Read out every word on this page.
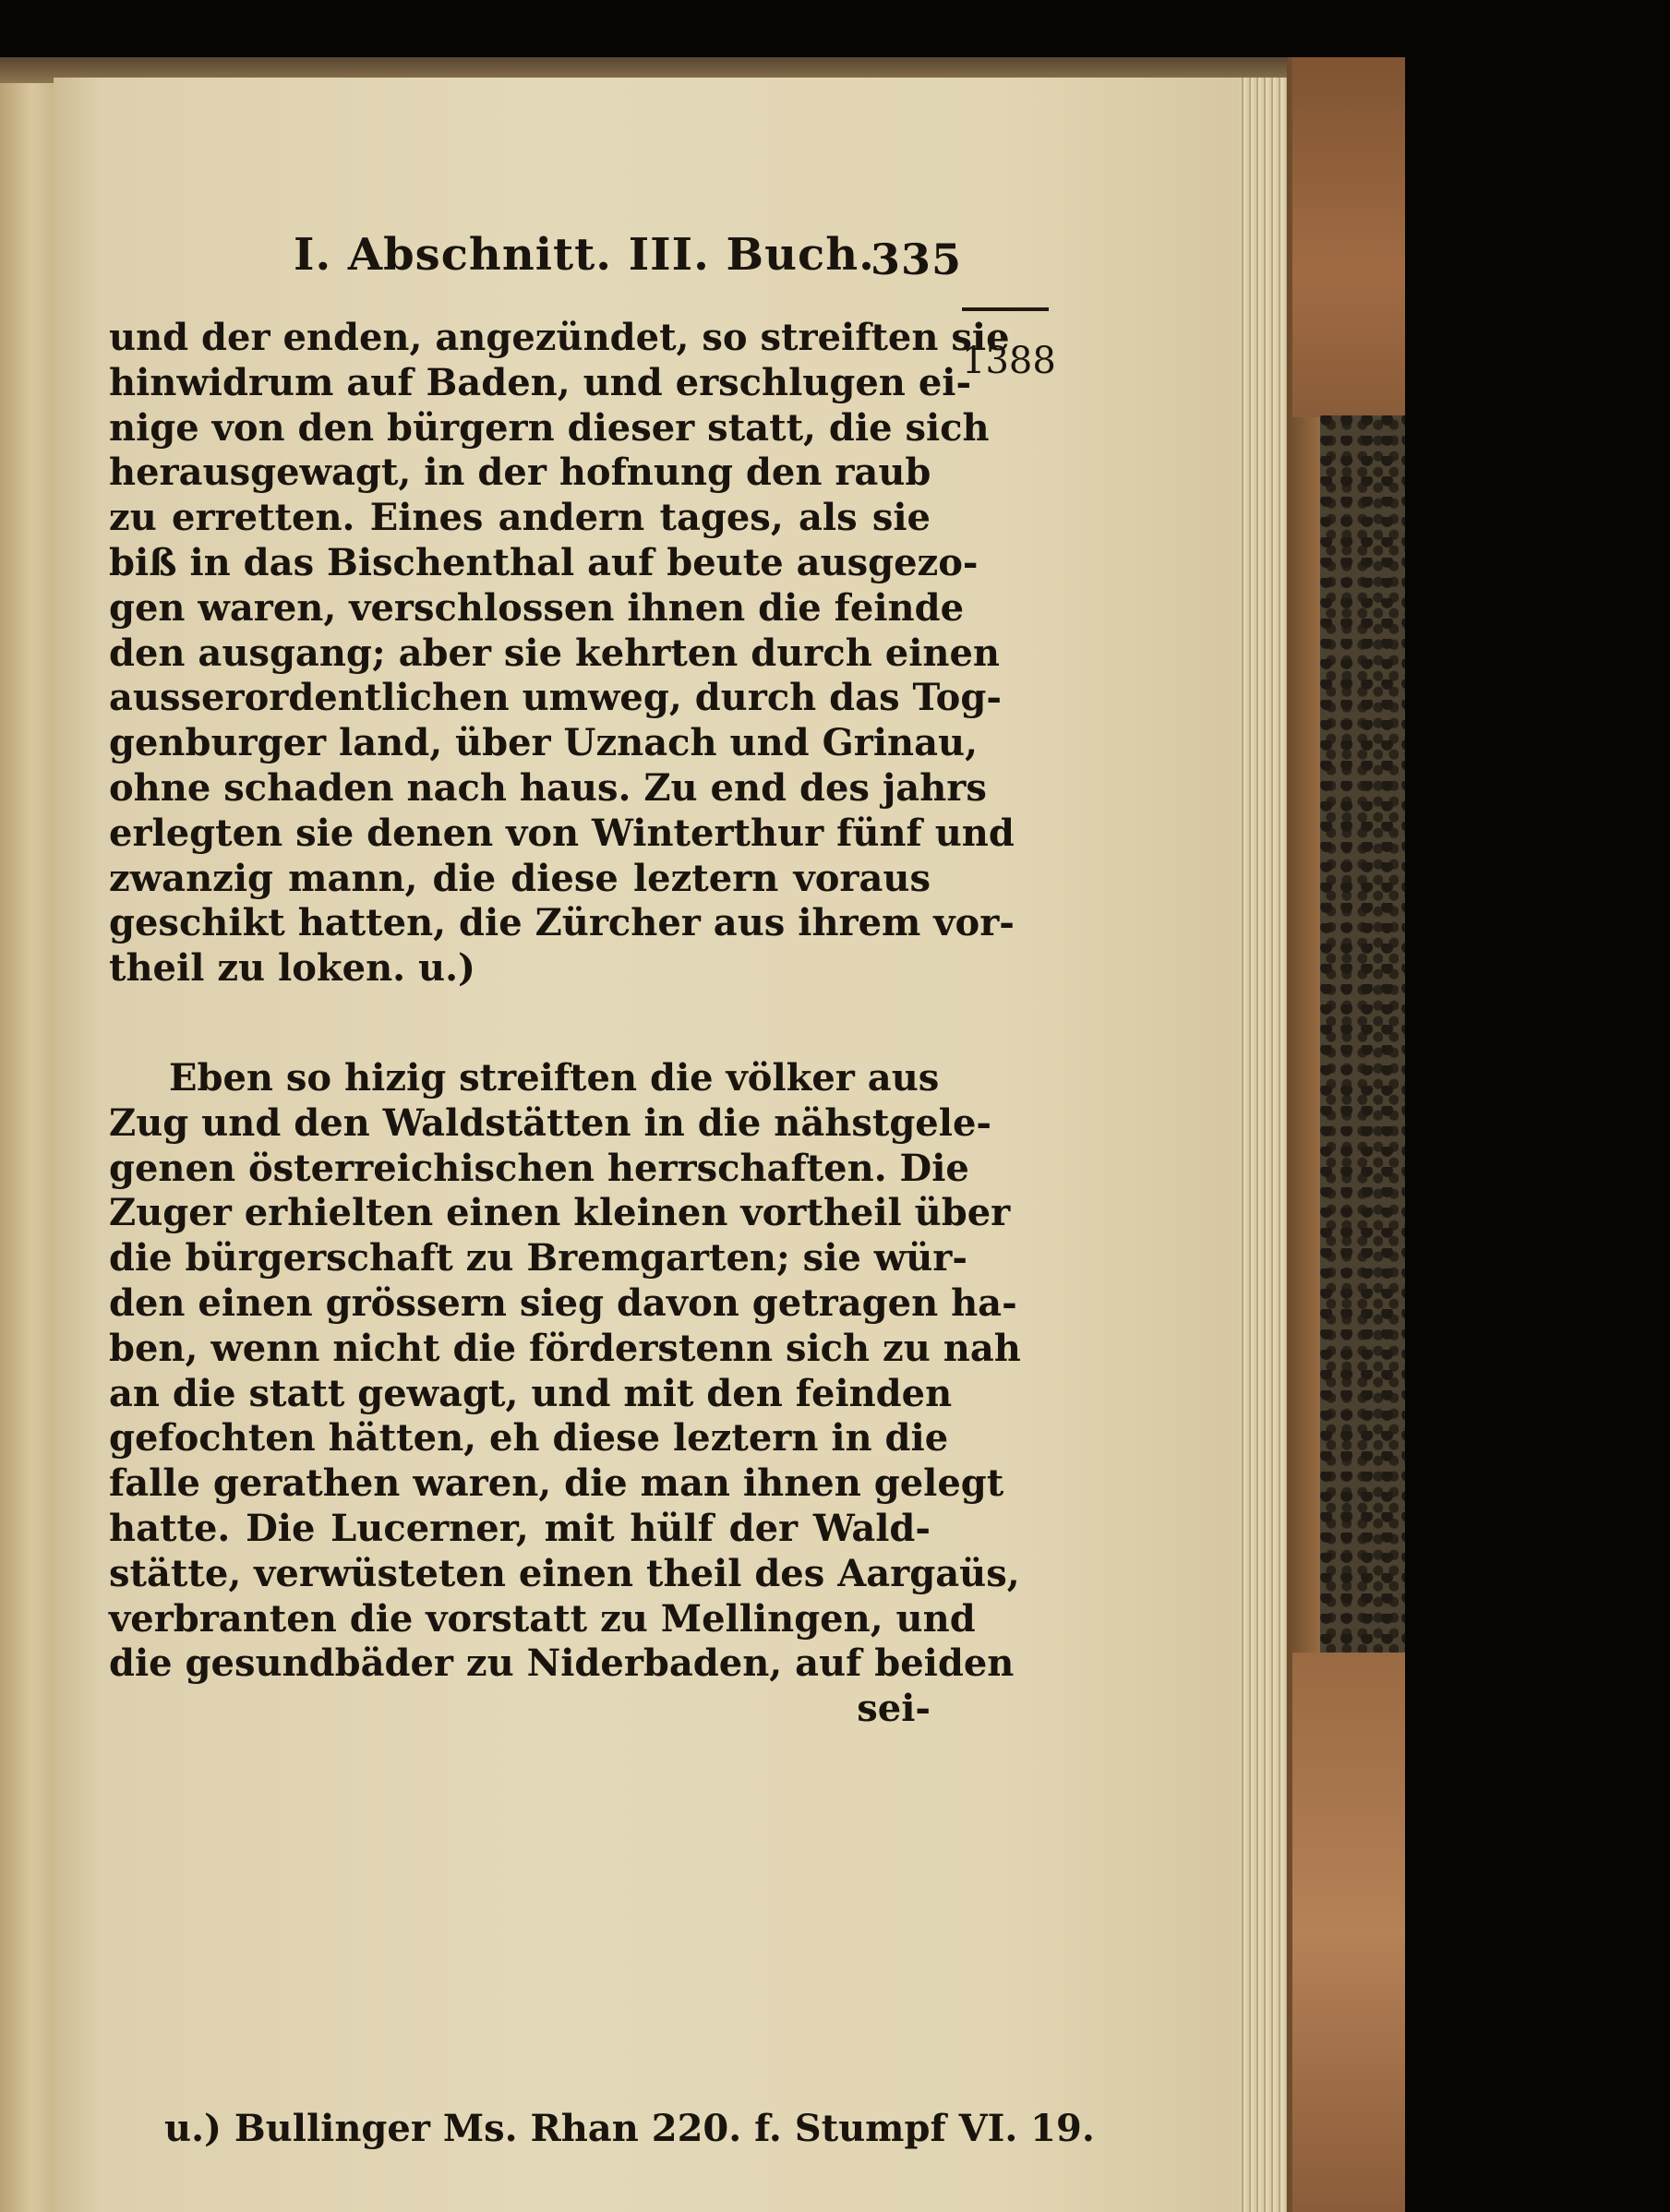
I. Abschnitt. III. Buch.
335
1388
und der enden, angezündet, so streiften sie
hinwidrum auf Baden, und erschlugen ei-
nige von den bürgern dieser statt, die sich
herausgewagt, in der hofnung den raub
zu erretten. Eines andern tages, als sie
biß in das Bischenthal auf beute ausgezo-
gen waren, verschlossen ihnen die feinde
den ausgang; aber sie kehrten durch einen
ausserordentlichen umweg, durch das Tog-
genburger land, über Uznach und Grinau,
ohne schaden nach haus. Zu end des jahrs
erlegten sie denen von Winterthur fünf und
zwanzig mann, die diese leztern voraus
geschikt hatten, die Zürcher aus ihrem vor-
theil zu loken. u.)
Eben so hizig streiften die völker aus
Zug und den Waldstätten in die nähstgele-
genen österreichischen herrschaften. Die
Zuger erhielten einen kleinen vortheil über
die bürgerschaft zu Bremgarten; sie wür-
den einen grössern sieg davon getragen ha-
ben, wenn nicht die förderstenn sich zu nah
an die statt gewagt, und mit den feinden
gefochten hätten, eh diese leztern in die
falle gerathen waren, die man ihnen gelegt
hatte. Die Lucerner, mit hülf der Wald-
stätte, verwüsteten einen theil des Aargaüs,
verbranten die vorstatt zu Mellingen, und
die gesundbäder zu Niderbaden, auf beiden
sei-
u.) Bullinger Ms. Rhan 220. f. Stumpf VI. 19.
